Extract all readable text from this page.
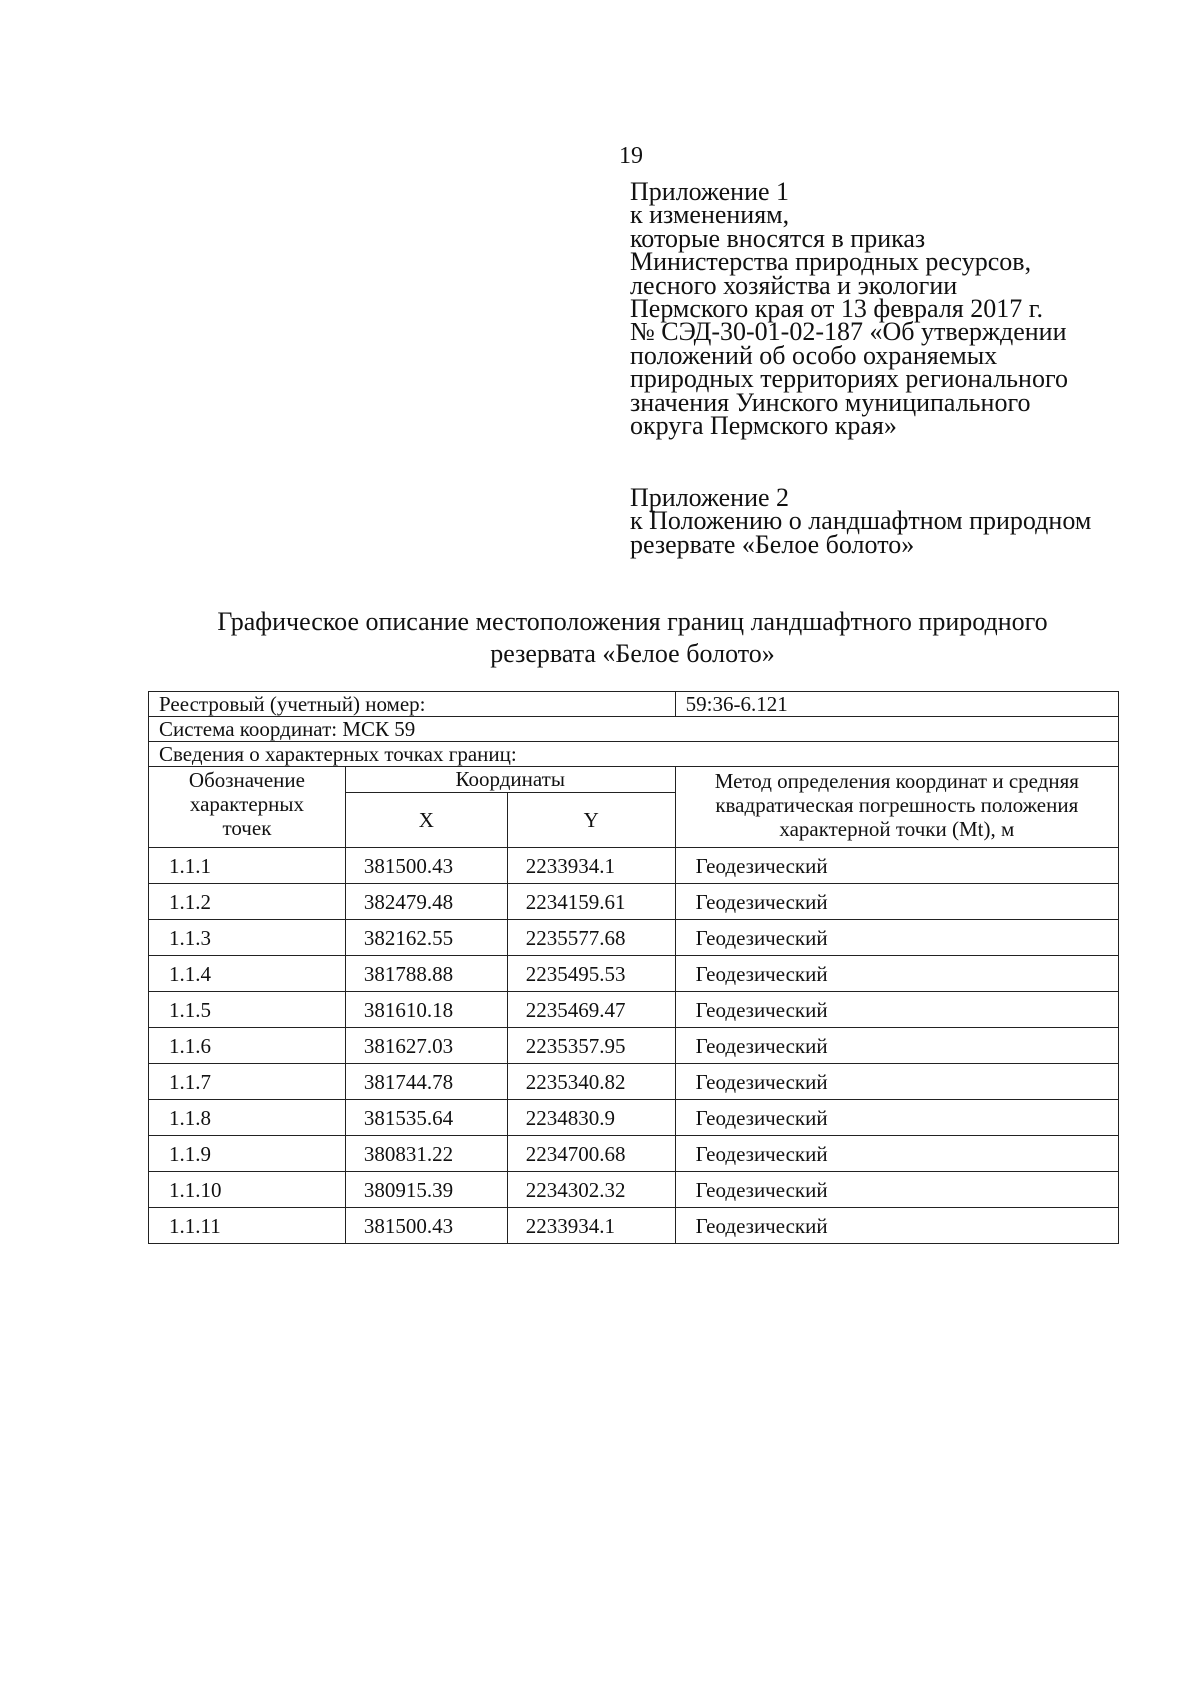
19
Приложение 1
к изменениям,
которые вносятся в приказ
Министерства природных ресурсов,
лесного хозяйства и экологии
Пермского края от 13 февраля 2017 г.
№ СЭД-30-01-02-187 «Об утверждении
положений об особо охраняемых
природных территориях регионального
значения Уинского муниципального
округа Пермского края»
Приложение 2
к Положению о ландшафтном природном
резервате «Белое болото»
Графическое описание местоположения границ ландшафтного природного
резервата «Белое болото»
Реестровый (учетный) номер:			59:36-6.121
Система координат: МСК 59			
Сведения о характерных точках границ:			
Обозначение характерных точек	Координаты		Метод определения координат и средняя квадратическая погрешность положения характерной точки (Mt), м
	X	Y	
1.1.1	381500.43	2233934.1	Геодезический
1.1.2	382479.48	2234159.61	Геодезический
1.1.3	382162.55	2235577.68	Геодезический
1.1.4	381788.88	2235495.53	Геодезический
1.1.5	381610.18	2235469.47	Геодезический
1.1.6	381627.03	2235357.95	Геодезический
1.1.7	381744.78	2235340.82	Геодезический
1.1.8	381535.64	2234830.9	Геодезический
1.1.9	380831.22	2234700.68	Геодезический
1.1.10	380915.39	2234302.32	Геодезический
1.1.11	381500.43	2233934.1	Геодезический
